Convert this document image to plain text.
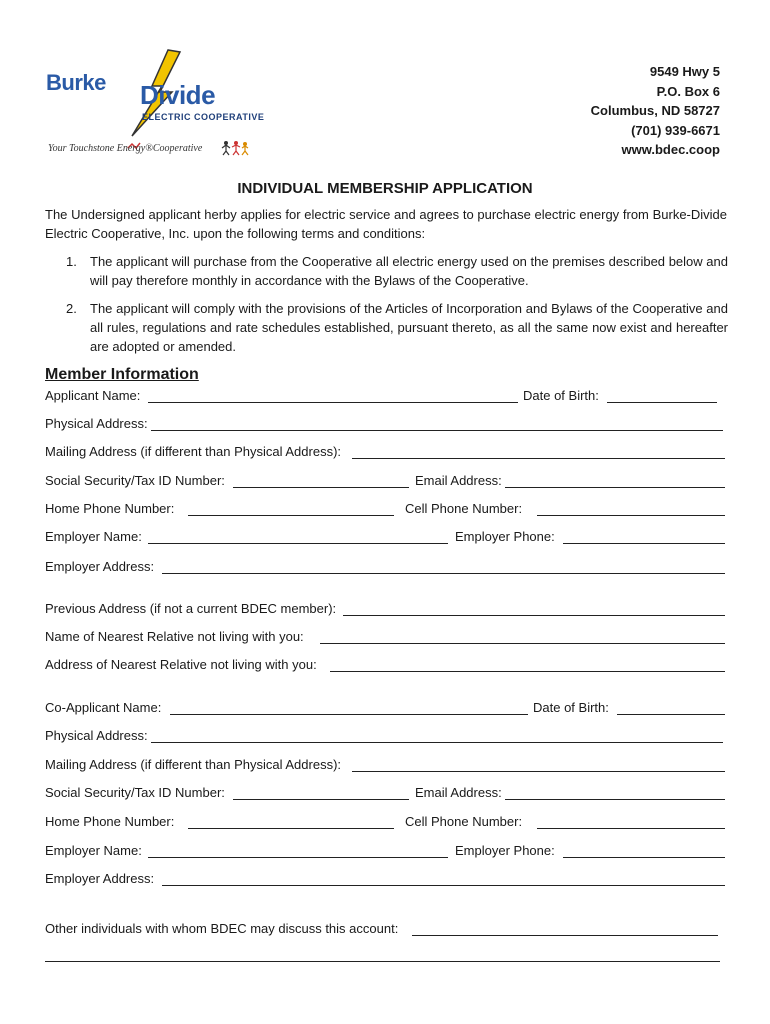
Burke Divide
ELECTRIC COOPERATIVE
Your Touchstone Energy®Cooperative
9549 Hwy 5
P.O. Box 6
Columbus, ND 58727
(701) 939-6671
www.bdec.coop
INDIVIDUAL MEMBERSHIP APPLICATION
The Undersigned applicant herby applies for electric service and agrees to purchase electric energy from Burke-Divide Electric Cooperative, Inc. upon the following terms and conditions:
1. The applicant will purchase from the Cooperative all electric energy used on the premises described below and will pay therefore monthly in accordance with the Bylaws of the Cooperative.
2. The applicant will comply with the provisions of the Articles of Incorporation and Bylaws of the Cooperative and all rules, regulations and rate schedules established, pursuant thereto, as all the same now exist and hereafter are adopted or amended.
Member Information
Applicant Name:	Date of Birth:
Physical Address:
Mailing Address (if different than Physical Address):
Social Security/Tax ID Number:	Email Address:
Home Phone Number:	Cell Phone Number:
Employer Name:	Employer Phone:
Employer Address:
Previous Address (if not a current BDEC member):
Name of Nearest Relative not living with you:
Address of Nearest Relative not living with you:
Co-Applicant Name:	Date of Birth:
Physical Address:
Mailing Address (if different than Physical Address):
Social Security/Tax ID Number:	Email Address:
Home Phone Number:	Cell Phone Number:
Employer Name:	Employer Phone:
Employer Address:
Other individuals with whom BDEC may discuss this account:
